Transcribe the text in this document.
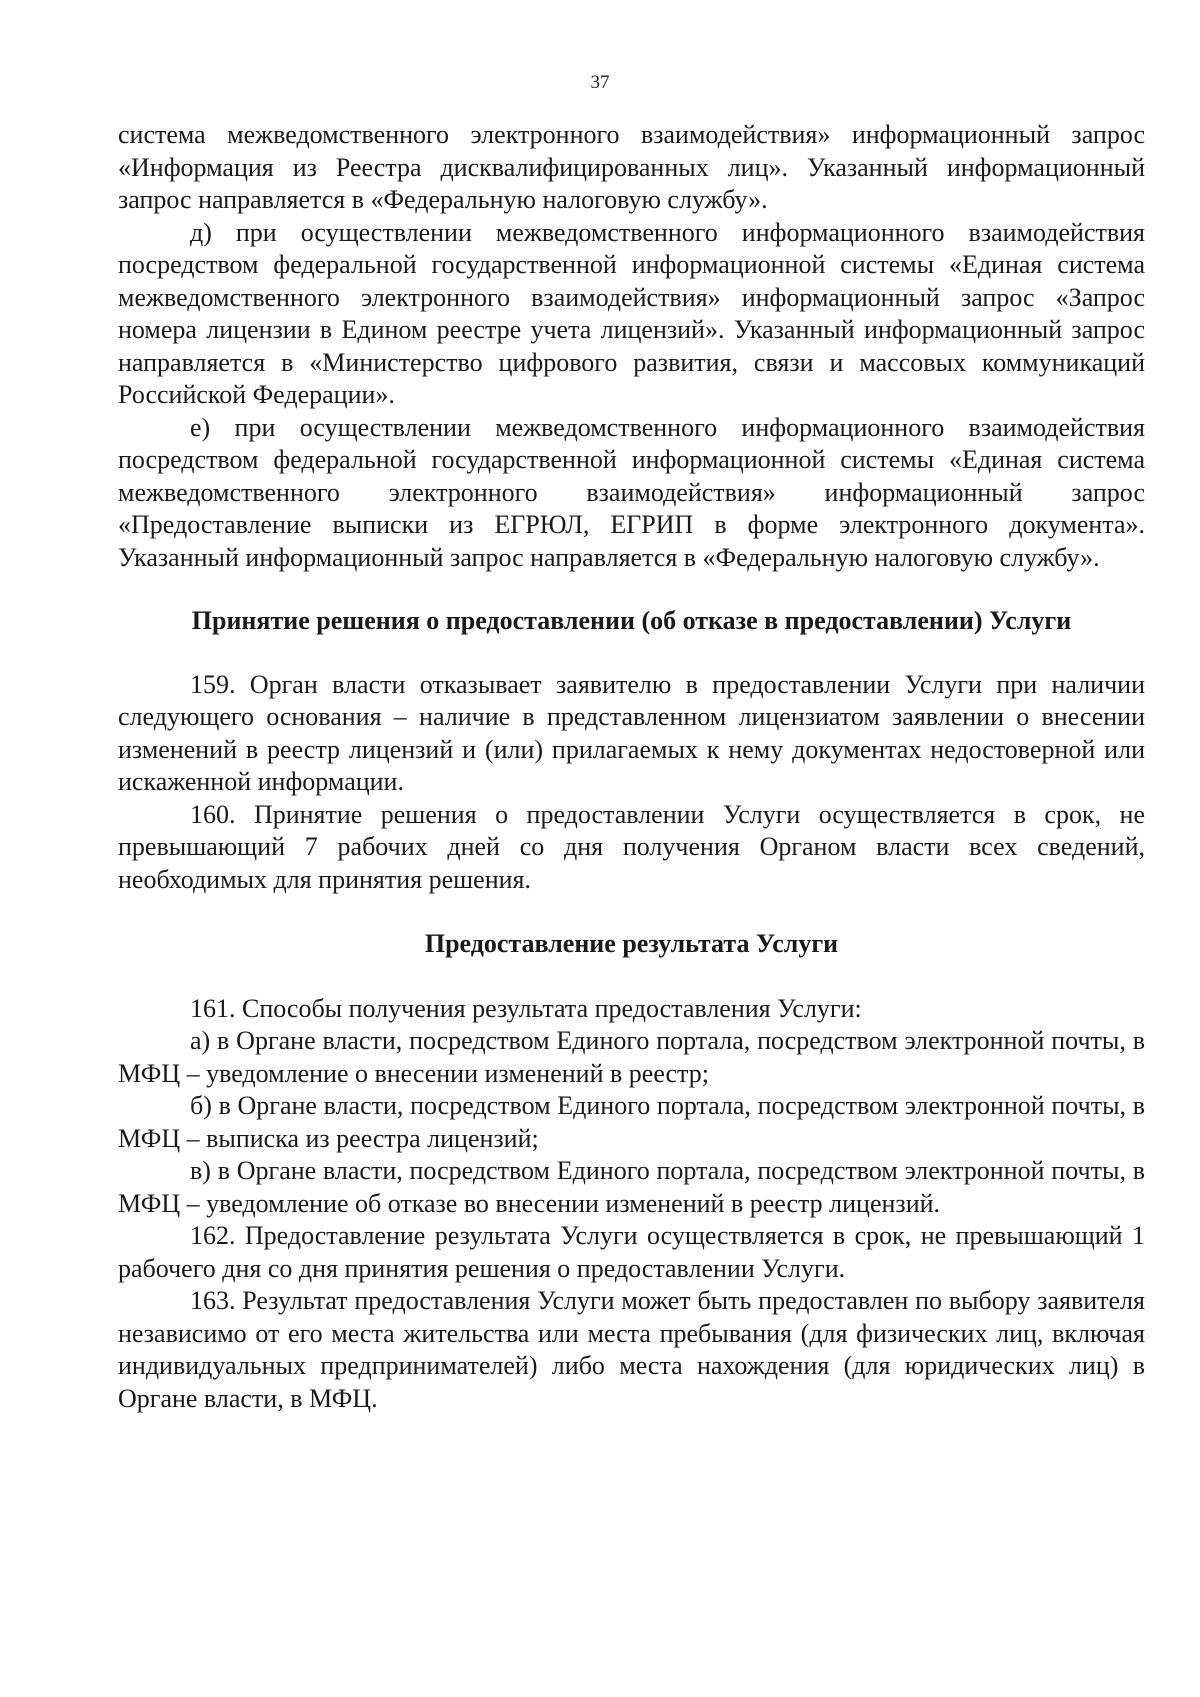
37

система межведомственного электронного взаимодействия» информационный запрос «Информация из Реестра дисквалифицированных лиц». Указанный информационный запрос направляется в «Федеральную налоговую службу».

д) при осуществлении межведомственного информационного взаимодействия посредством федеральной государственной информационной системы «Единая система межведомственного электронного взаимодействия» информационный запрос «Запрос номера лицензии в Едином реестре учета лицензий». Указанный информационный запрос направляется в «Министерство цифрового развития, связи и массовых коммуникаций Российской Федерации».

е) при осуществлении межведомственного информационного взаимодействия посредством федеральной государственной информационной системы «Единая система межведомственного электронного взаимодействия» информационный запрос «Предоставление выписки из ЕГРЮЛ, ЕГРИП в форме электронного документа». Указанный информационный запрос направляется в «Федеральную налоговую службу».

Принятие решения о предоставлении (об отказе в предоставлении) Услуги

159. Орган власти отказывает заявителю в предоставлении Услуги при наличии следующего основания – наличие в представленном лицензиатом заявлении о внесении изменений в реестр лицензий и (или) прилагаемых к нему документах недостоверной или искаженной информации.

160. Принятие решения о предоставлении Услуги осуществляется в срок, не превышающий 7 рабочих дней со дня получения Органом власти всех сведений, необходимых для принятия решения.

Предоставление результата Услуги

161. Способы получения результата предоставления Услуги:

а) в Органе власти, посредством Единого портала, посредством электронной почты, в МФЦ – уведомление о внесении изменений в реестр;

б) в Органе власти, посредством Единого портала, посредством электронной почты, в МФЦ – выписка из реестра лицензий;

в) в Органе власти, посредством Единого портала, посредством электронной почты, в МФЦ – уведомление об отказе во внесении изменений в реестр лицензий.

162. Предоставление результата Услуги осуществляется в срок, не превышающий 1 рабочего дня со дня принятия решения о предоставлении Услуги.

163. Результат предоставления Услуги может быть предоставлен по выбору заявителя независимо от его места жительства или места пребывания (для физических лиц, включая индивидуальных предпринимателей) либо места нахождения (для юридических лиц) в Органе власти, в МФЦ.
